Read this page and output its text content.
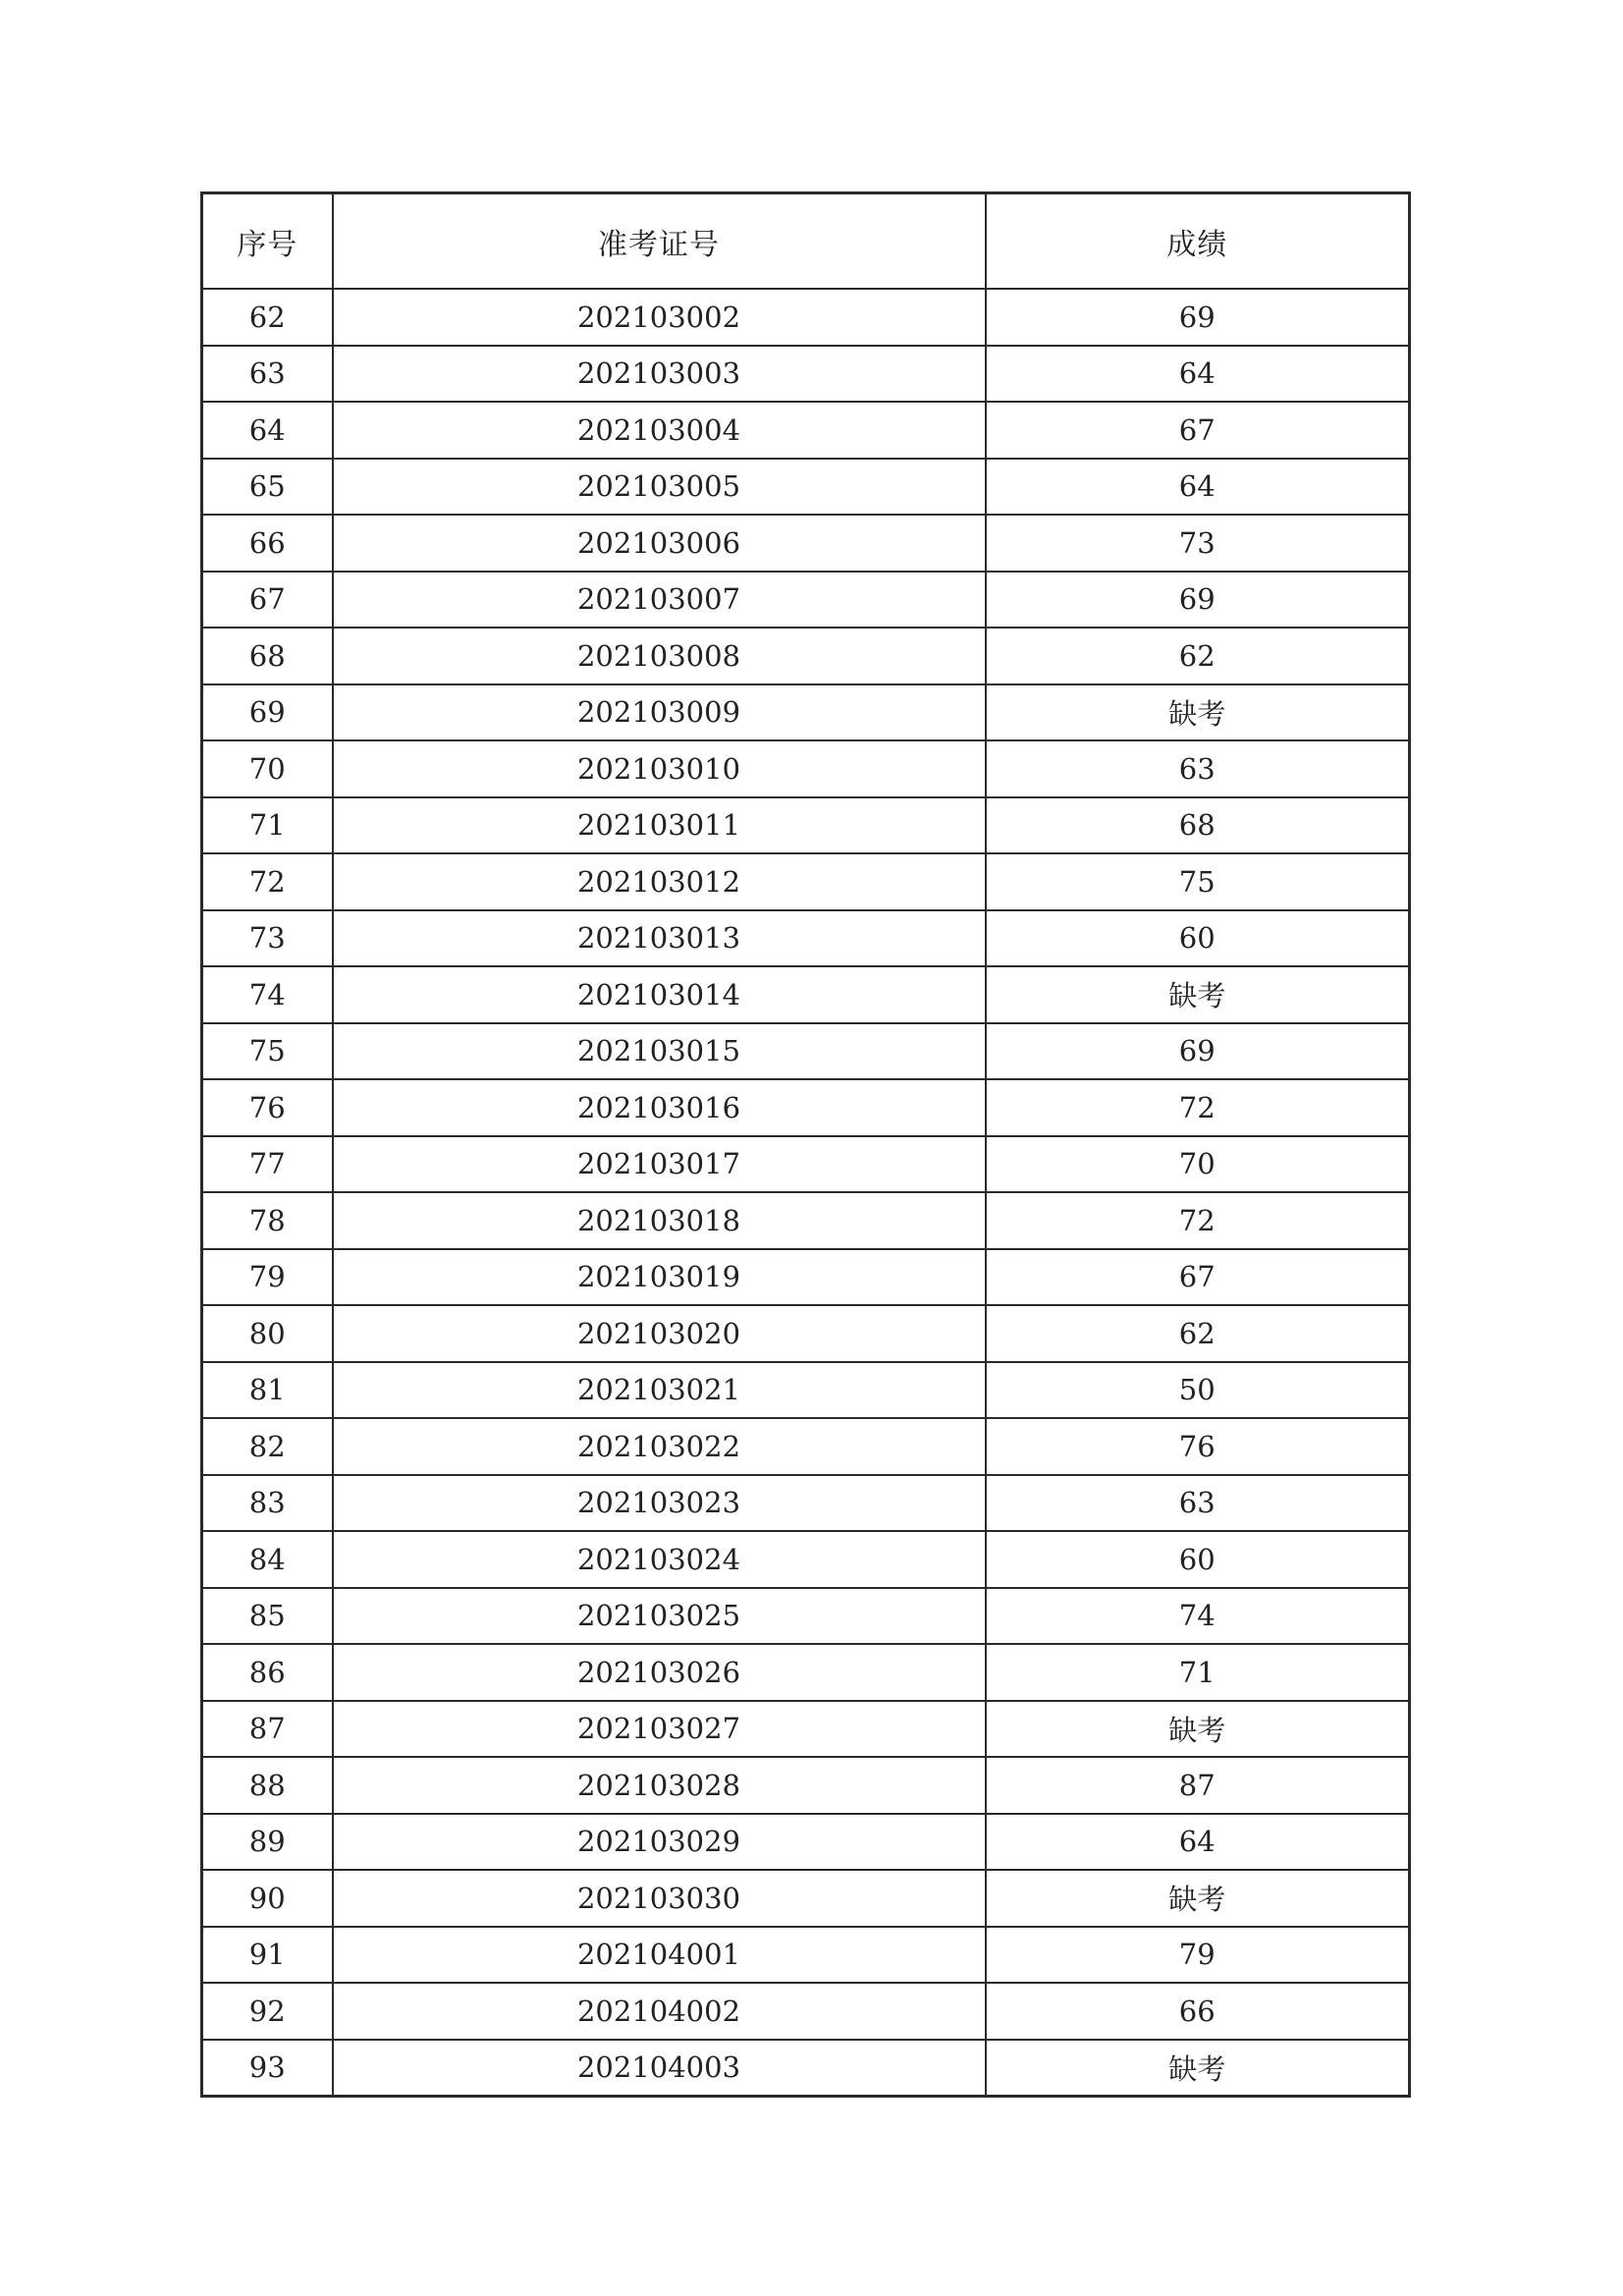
序号	准考证号	成绩
62	202103002	69
63	202103003	64
64	202103004	67
65	202103005	64
66	202103006	73
67	202103007	69
68	202103008	62
69	202103009	缺考
70	202103010	63
71	202103011	68
72	202103012	75
73	202103013	60
74	202103014	缺考
75	202103015	69
76	202103016	72
77	202103017	70
78	202103018	72
79	202103019	67
80	202103020	62
81	202103021	50
82	202103022	76
83	202103023	63
84	202103024	60
85	202103025	74
86	202103026	71
87	202103027	缺考
88	202103028	87
89	202103029	64
90	202103030	缺考
91	202104001	79
92	202104002	66
93	202104003	缺考
